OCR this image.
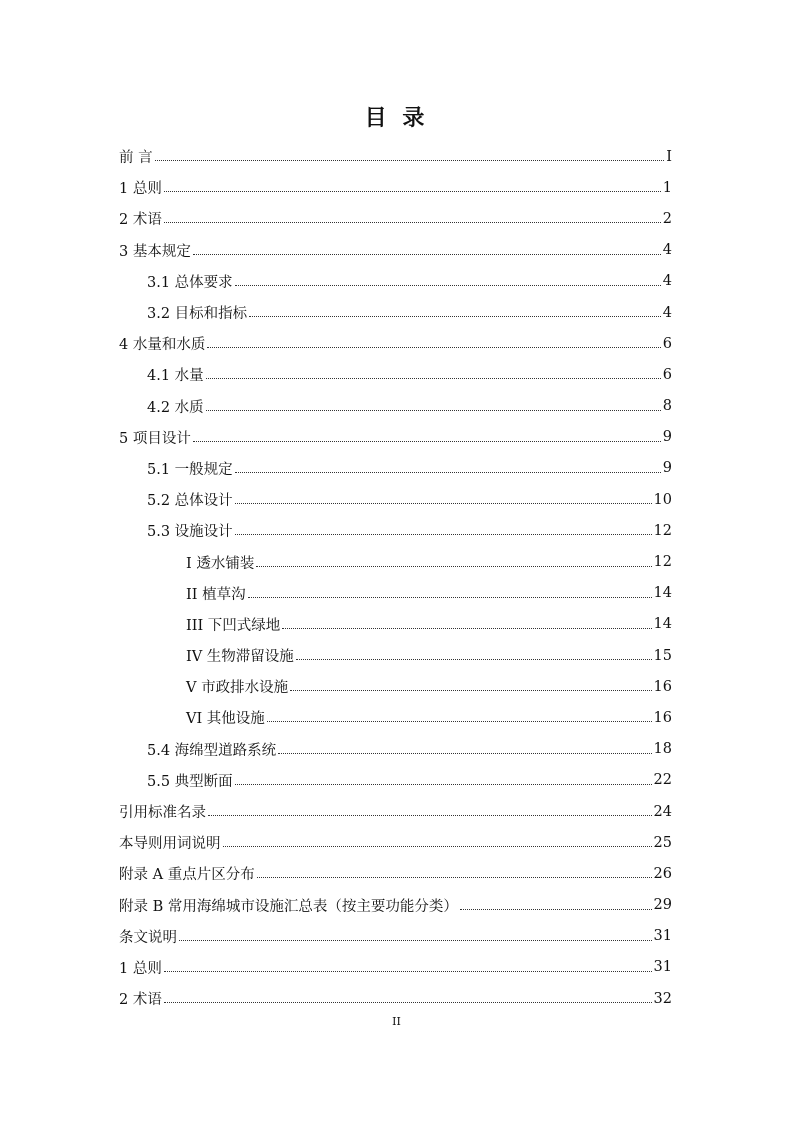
目 录
前 言	I
1 总则	1
2 术语	2
3 基本规定	4
3.1 总体要求	4
3.2 目标和指标	4
4 水量和水质	6
4.1 水量	6
4.2 水质	8
5 项目设计	9
5.1 一般规定	9
5.2 总体设计	10
5.3 设施设计	12
I 透水铺装	12
II 植草沟	14
III 下凹式绿地	14
IV 生物滞留设施	15
V 市政排水设施	16
VI 其他设施	16
5.4 海绵型道路系统	18
5.5 典型断面	22
引用标准名录	24
本导则用词说明	25
附录 A 重点片区分布	26
附录 B 常用海绵城市设施汇总表（按主要功能分类）	29
条文说明	31
1 总则	31
2 术语	32
II
